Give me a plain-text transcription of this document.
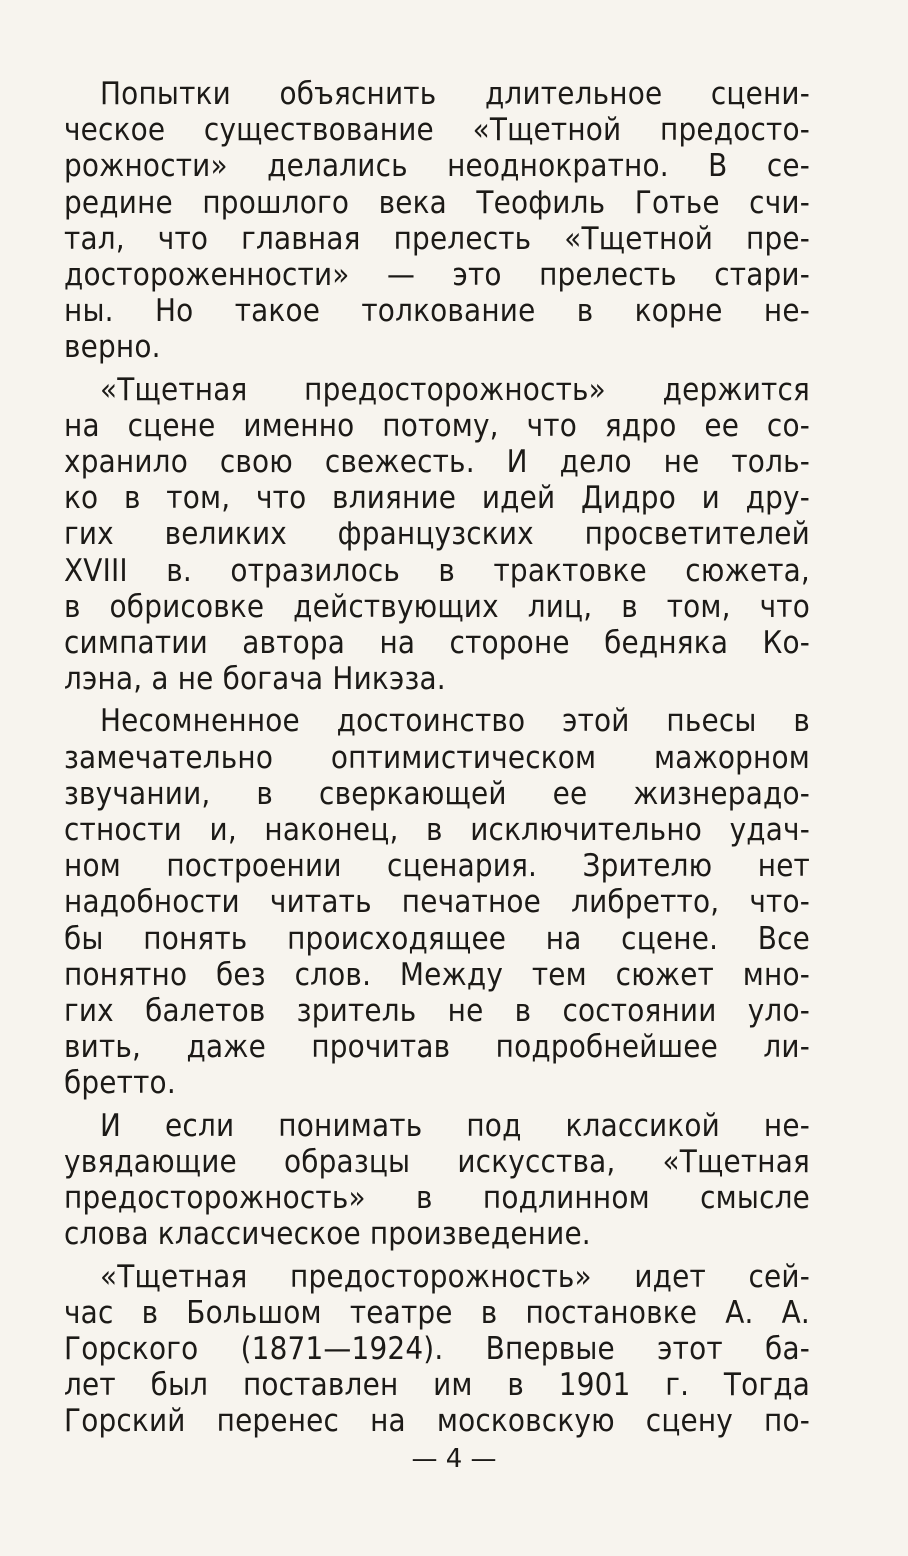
Попытки объяснить длительное сцени-
ческое существование «Тщетной предосто-
рожности» делались неоднократно. В се-
редине прошлого века Теофиль Готье счи-
тал, что главная прелесть «Тщетной пре-
достороженности» — это прелесть стари-
ны. Но такое толкование в корне не-
верно.

«Тщетная предосторожность» держится
на сцене именно потому, что ядро ее со-
хранило свою свежесть. И дело не толь-
ко в том, что влияние идей Дидро и дру-
гих великих французских просветителей
XVIII в. отразилось в трактовке сюжета,
в обрисовке действующих лиц, в том, что
симпатии автора на стороне бедняка Ко-
лэна, а не богача Никэза.

Несомненное достоинство этой пьесы в
замечательно оптимистическом мажорном
звучании, в сверкающей ее жизнерадо-
стности и, наконец, в исключительно удач-
ном построении сценария. Зрителю нет
надобности читать печатное либретто, что-
бы понять происходящее на сцене. Все
понятно без слов. Между тем сюжет мно-
гих балетов зритель не в состоянии уло-
вить, даже прочитав подробнейшее ли-
бретто.

И если понимать под классикой не-
увядающие образцы искусства, «Тщетная
предосторожность» в подлинном смысле
слова классическое произведение.

«Тщетная предосторожность» идет сей-
час в Большом театре в постановке А. А.
Горского (1871—1924). Впервые этот ба-
лет был поставлен им в 1901 г. Тогда
Горский перенес на московскую сцену по-

— 4 —
